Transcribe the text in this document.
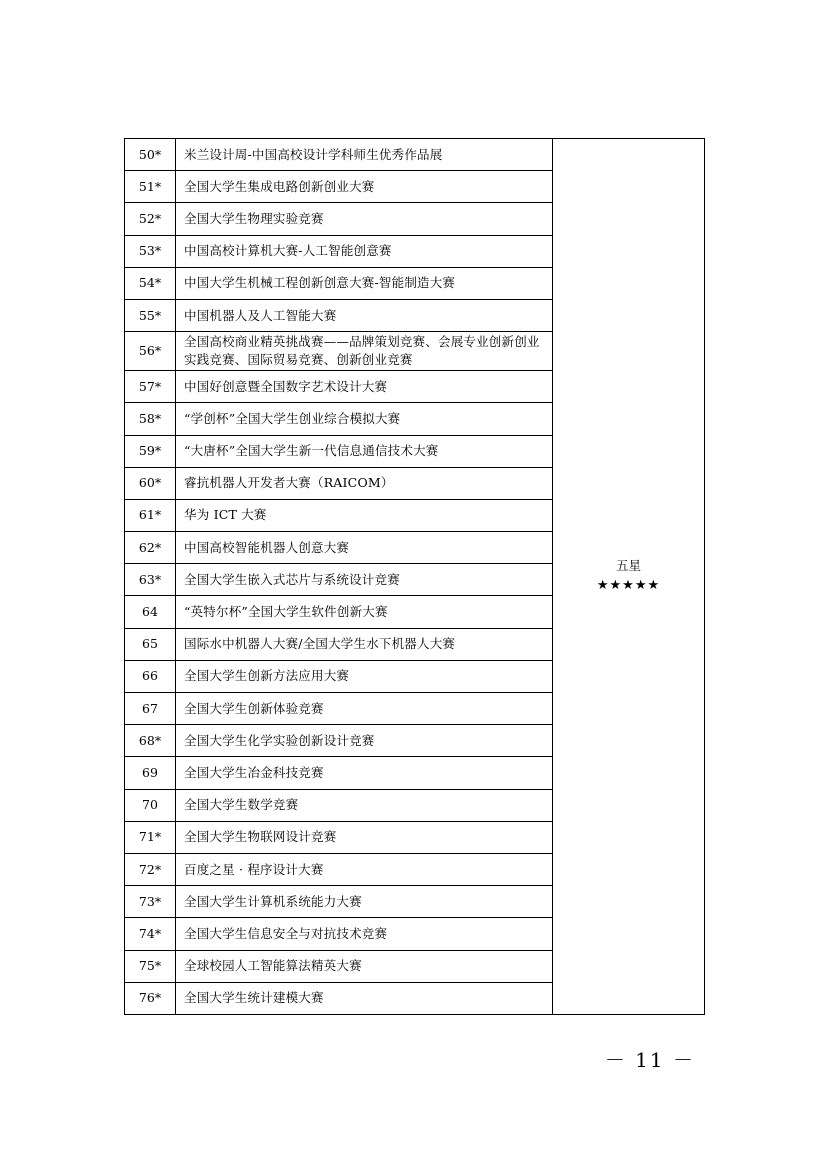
50*	米兰设计周-中国高校设计学科师生优秀作品展	五星
★★★★★

51*	全国大学生集成电路创新创业大赛	
52*	全国大学生物理实验竞赛	
53*	中国高校计算机大赛-人工智能创意赛	
54*	中国大学生机械工程创新创意大赛-智能制造大赛	
55*	中国机器人及人工智能大赛	
56*	全国高校商业精英挑战赛——品牌策划竞赛、会展专业创新创业实践竞赛、国际贸易竞赛、创新创业竞赛	
57*	中国好创意暨全国数字艺术设计大赛	
58*	“学创杯”全国大学生创业综合模拟大赛	
59*	“大唐杯”全国大学生新一代信息通信技术大赛	
60*	睿抗机器人开发者大赛（RAICOM）	
61*	华为 ICT 大赛	
62*	中国高校智能机器人创意大赛	
63*	全国大学生嵌入式芯片与系统设计竞赛	
64	“英特尔杯”全国大学生软件创新大赛	
65	国际水中机器人大赛/全国大学生水下机器人大赛	
66	全国大学生创新方法应用大赛	
67	全国大学生创新体验竞赛	
68*	全国大学生化学实验创新设计竞赛	
69	全国大学生冶金科技竞赛	
70	全国大学生数学竞赛	
71*	全国大学生物联网设计竞赛	
72*	百度之星 · 程序设计大赛	
73*	全国大学生计算机系统能力大赛	
74*	全国大学生信息安全与对抗技术竞赛	
75*	全球校园人工智能算法精英大赛	
76*	全国大学生统计建模大赛	
－ 11 －
